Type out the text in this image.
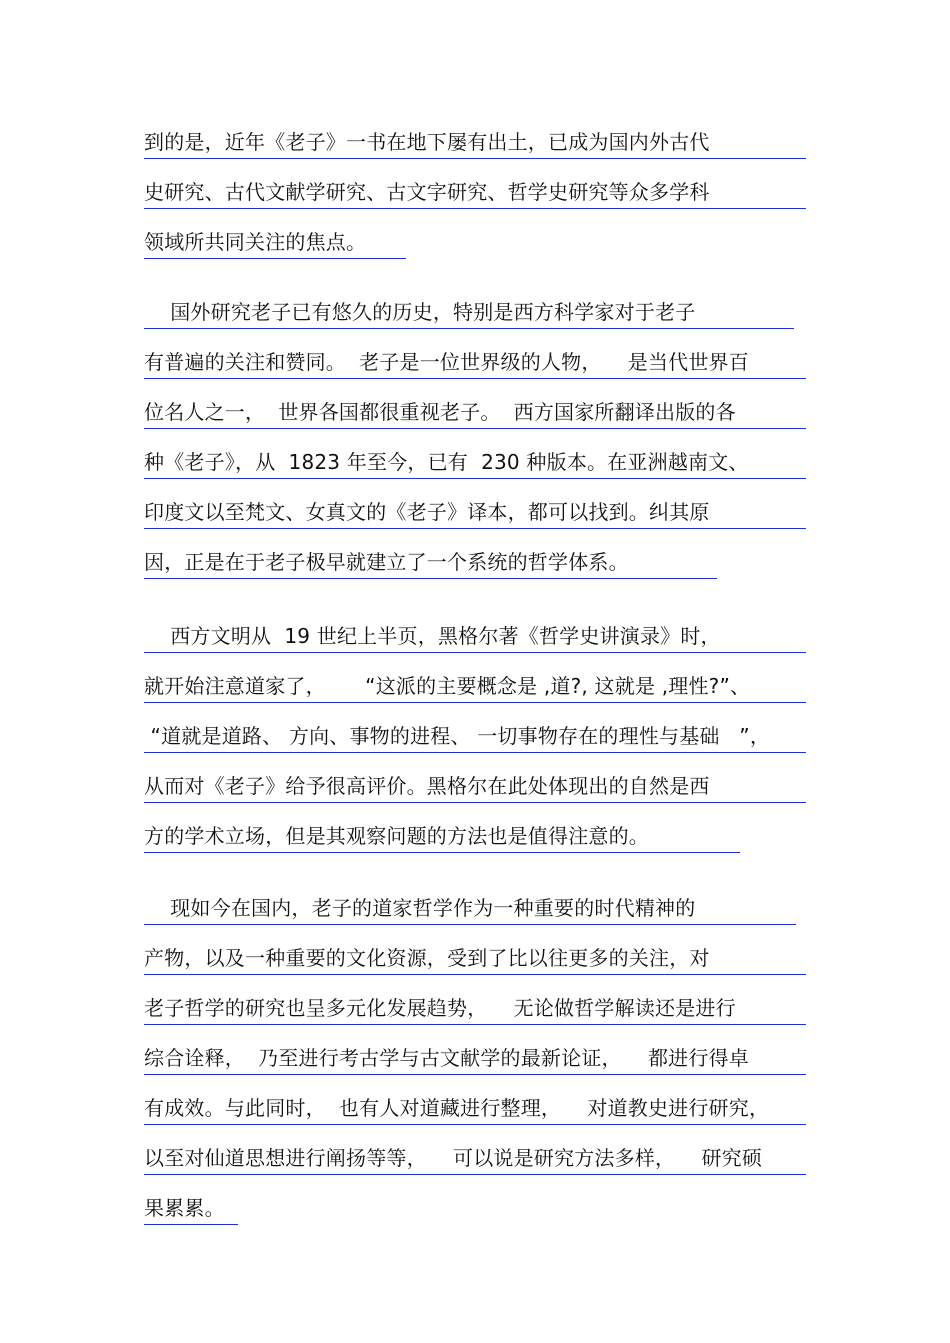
到的是，近年《老子》一书在地下屡有出土，已成为国内外古代
史研究、古代文献学研究、古文字研究、哲学史研究等众多学科
领域所共同关注的焦点。
国外研究老子已有悠久的历史，特别是西方科学家对于老子
有普遍的关注和赞同。  老子是一位世界级的人物，    是当代世界百
位名人之一，  世界各国都很重视老子。  西方国家所翻译出版的各
种《老子》，从  1823 年至今，已有  230 种版本。在亚洲越南文、
印度文以至梵文、女真文的《老子》译本，都可以找到。纠其原
因，正是在于老子极早就建立了一个系统的哲学体系。
西方文明从  19 世纪上半页，黑格尔著《哲学史讲演录》时，
就开始注意道家了，      “这派的主要概念是 ,道?, 这就是 ,理性?”、
“道就是道路、 方向、事物的进程、 一切事物存在的理性与基础   ”，
从而对《老子》给予很高评价。黑格尔在此处体现出的自然是西
方的学术立场，但是其观察问题的方法也是值得注意的。
现如今在国内，老子的道家哲学作为一种重要的时代精神的
产物，以及一种重要的文化资源，受到了比以往更多的关注，对
老子哲学的研究也呈多元化发展趋势，    无论做哲学解读还是进行
综合诠释，  乃至进行考古学与古文献学的最新论证，    都进行得卓
有成效。与此同时，  也有人对道藏进行整理，    对道教史进行研究，
以至对仙道思想进行阐扬等等，    可以说是研究方法多样，    研究硕
果累累。
